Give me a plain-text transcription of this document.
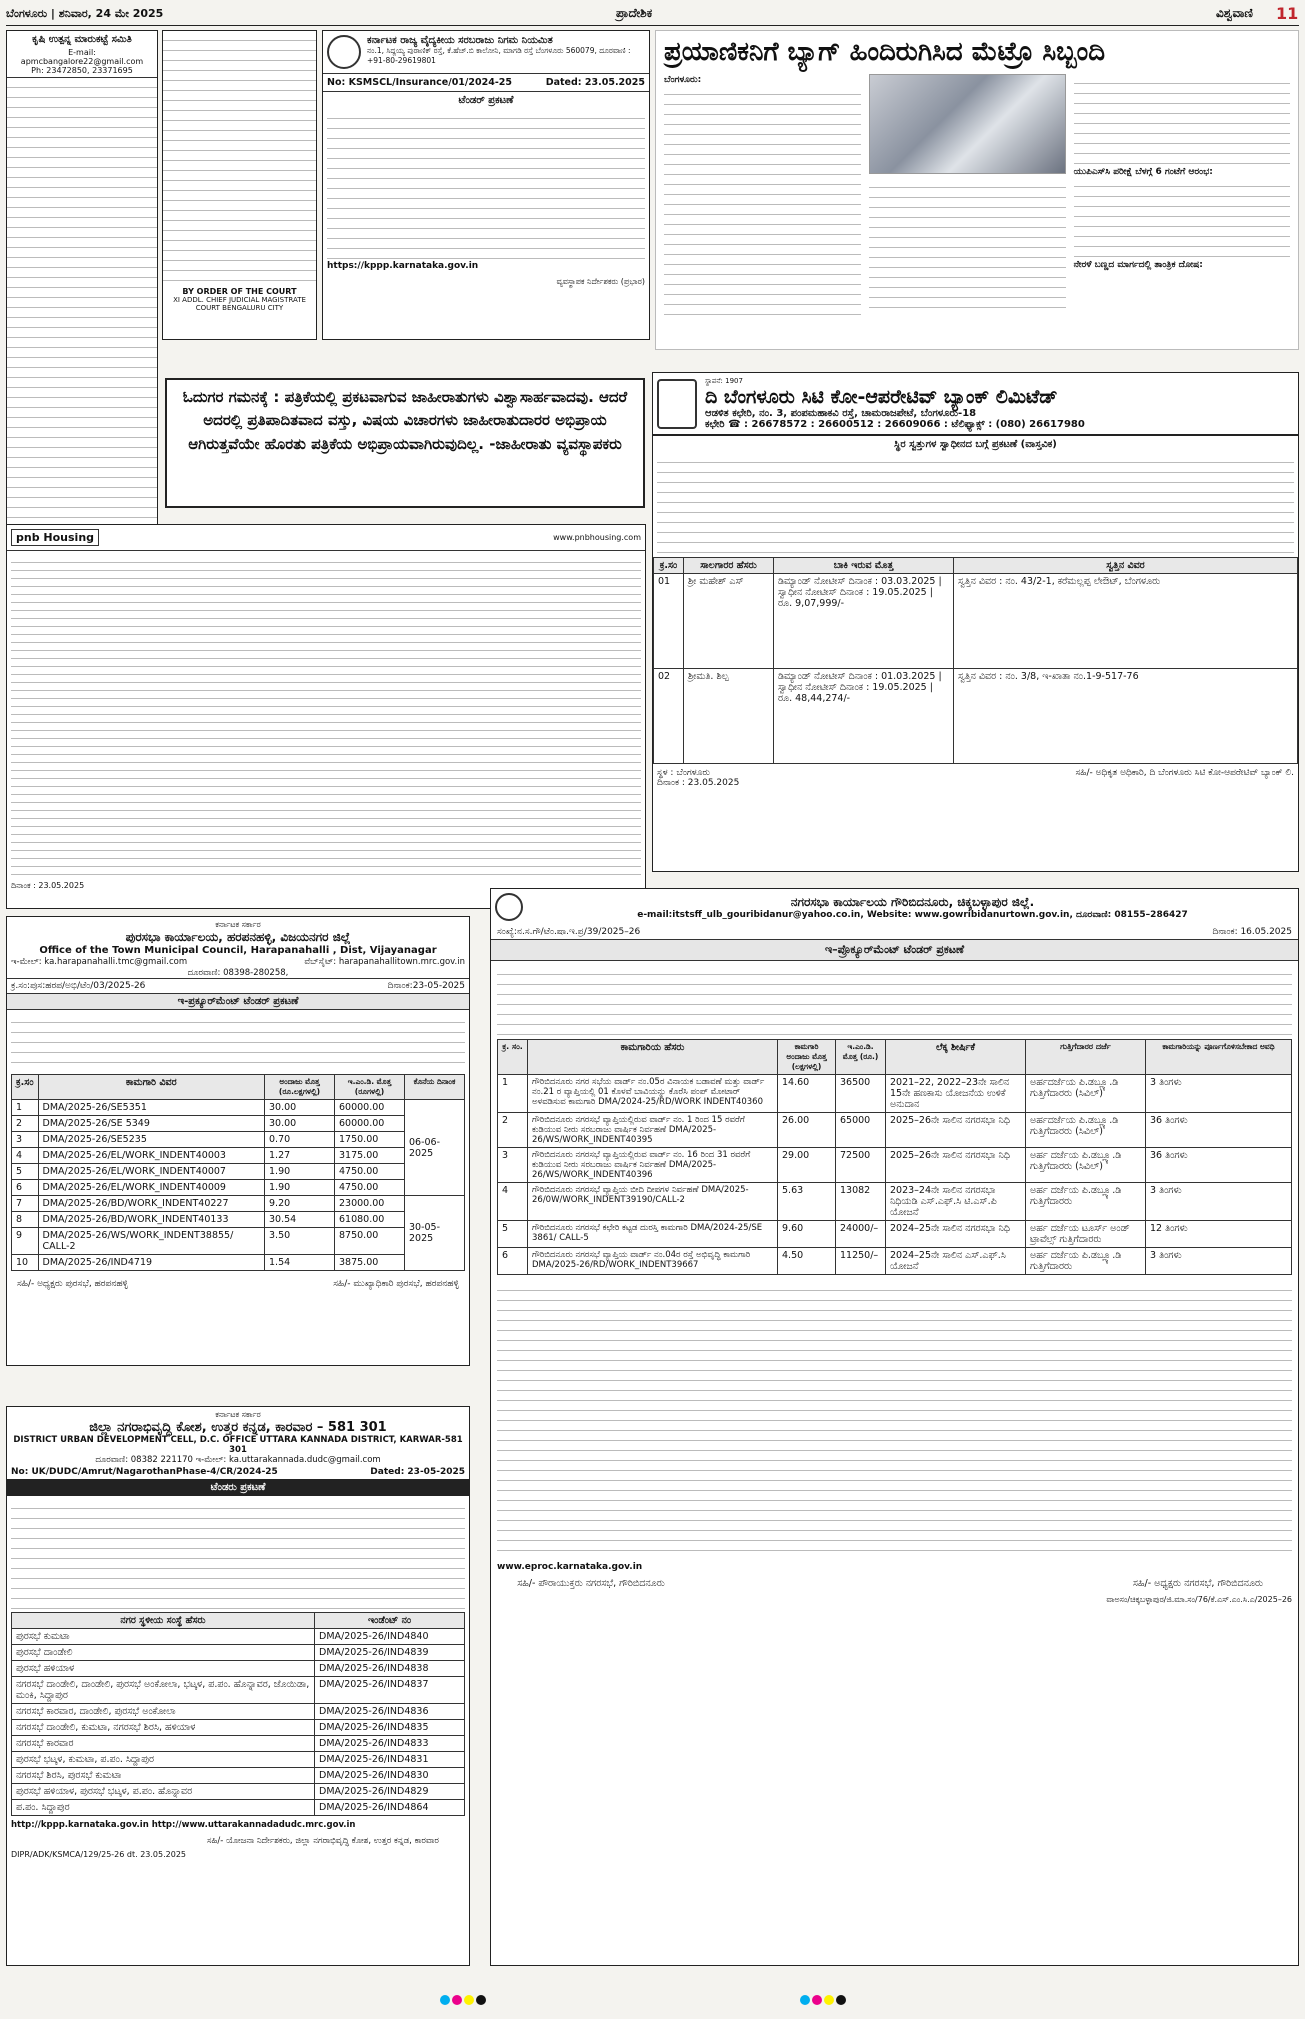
ಬೆಂಗಳೂರು | ಶನಿವಾರ, 24 ಮೇ 2025	ಪ್ರಾದೇಶಿಕ	ವಿಶ್ವವಾಣಿ 11
ಕೃಷಿ ಉತ್ಪನ್ನ ಮಾರುಕಟ್ಟೆ ಸಮಿತಿ
E-mail: apmcbangalore22@gmail.com
Ph: 23472850, 23371695
BY ORDER OF THE COURT
XI ADDL. CHIEF JUDICIAL MAGISTRATE COURT BENGALURU CITY
ಕರ್ನಾಟಕ ರಾಜ್ಯ ವೈದ್ಯಕೀಯ ಸರಬರಾಜು ನಿಗಮ ನಿಯಮಿತ
ನಂ.1, ಸಿದ್ದಯ್ಯ ಪುರಾಣಿಕ್ ರಸ್ತೆ, ಕೆ.ಹೆಚ್.ಬಿ ಕಾಲೋನಿ, ಮಾಗಡಿ ರಸ್ತೆ ಬೆಂಗಳೂರು 560079, ದೂರವಾಣಿ : +91-80-29619801
No: KSMSCL/Insurance/01/2024-25	Dated: 23.05.2025
ಟೆಂಡರ್ ಪ್ರಕಟಣೆ
https://kppp.karnataka.gov.in
ವ್ಯವಸ್ಥಾಪಕ ನಿರ್ದೇಶಕರು (ಪ್ರಭಾರ)
ಪ್ರಯಾಣಿಕನಿಗೆ ಬ್ಯಾಗ್ ಹಿಂದಿರುಗಿಸಿದ ಮೆಟ್ರೊ ಸಿಬ್ಬಂದಿ
ಬೆಂಗಳೂರು:
ಯುಪಿಎಸ್‌ಸಿ ಪರೀಕ್ಷೆ ಬೆಳಗ್ಗೆ 6 ಗಂಟೆಗೆ ಆರಂಭ:
ನೇರಳೆ ಬಣ್ಣದ ಮಾರ್ಗದಲ್ಲಿ ತಾಂತ್ರಿಕ ದೋಷ:
ಓದುಗರ ಗಮನಕ್ಕೆ : ಪತ್ರಿಕೆಯಲ್ಲಿ ಪ್ರಕಟವಾಗುವ ಜಾಹೀರಾತುಗಳು ವಿಶ್ವಾಸಾರ್ಹವಾದವು. ಆದರೆ ಅದರಲ್ಲಿ ಪ್ರತಿಪಾದಿತವಾದ ವಸ್ತು, ವಿಷಯ ವಿಚಾರಗಳು ಜಾಹೀರಾತುದಾರರ ಅಭಿಪ್ರಾಯ ಆಗಿರುತ್ತವೆಯೇ ಹೊರತು ಪತ್ರಿಕೆಯ ಅಭಿಪ್ರಾಯವಾಗಿರುವುದಿಲ್ಲ. -ಜಾಹೀರಾತು ವ್ಯವಸ್ಥಾಪಕರು
ಸ್ಥಾಪನೆ: 1907
ದಿ ಬೆಂಗಳೂರು ಸಿಟಿ ಕೋ-ಆಪರೇಟಿವ್ ಬ್ಯಾಂಕ್ ಲಿಮಿಟೆಡ್
ಆಡಳಿತ ಕಛೇರಿ, ನಂ. 3, ಪಂಪಮಹಾಕವಿ ರಸ್ತೆ, ಚಾಮರಾಜಪೇಟೆ, ಬೆಂಗಳೂರು-18
ಕಛೇರಿ ☎ : 26678572 : 26600512 : 26609066 : ಟೆಲಿಫ್ಯಾಕ್ಸ್ : (080) 26617980
ಸ್ಥಿರ ಸ್ವತ್ತುಗಳ ಸ್ವಾಧೀನದ ಬಗ್ಗೆ ಪ್ರಕಟಣೆ (ವಾಸ್ತವಿಕ)
ಕ್ರ.ಸಂ	ಸಾಲಗಾರರ ಹೆಸರು	ಬಾಕಿ ಇರುವ ಮೊತ್ತ	ಸ್ವತ್ತಿನ ವಿವರ
01	ಶ್ರೀ ಮಹೇಶ್ ಎಸ್	ಡಿಮ್ಯಾಂಡ್ ನೋಟೀಸ್ ದಿನಾಂಕ : 03.03.2025 | ಸ್ವಾಧೀನ ನೋಟೀಸ್ ದಿನಾಂಕ : 19.05.2025 | ರೂ. 9,07,999/-	ಸ್ವತ್ತಿನ ವಿವರ : ನಂ. 43/2-1, ಕರೆಮಲ್ಲಪ್ಪ ಲೇಔಟ್, ಬೆಂಗಳೂರು
02	ಶ್ರೀಮತಿ. ಶಿಲ್ಪ	ಡಿಮ್ಯಾಂಡ್ ನೋಟೀಸ್ ದಿನಾಂಕ : 01.03.2025 | ಸ್ವಾಧೀನ ನೋಟೀಸ್ ದಿನಾಂಕ : 19.05.2025 | ರೂ. 48,44,274/-	ಸ್ವತ್ತಿನ ವಿವರ : ನಂ. 3/8, ಇ-ಖಾತಾ ನಂ.1-9-517-76
ಸ್ಥಳ : ಬೆಂಗಳೂರು
ದಿನಾಂಕ : 23.05.2025
ಸಹಿ/- ಅಧಿಕೃತ ಅಧಿಕಾರಿ, ದಿ ಬೆಂಗಳೂರು ಸಿಟಿ ಕೋ-ಆಪರೇಟಿವ್ ಬ್ಯಾಂಕ್ ಲಿ.
pnb Housing	www.pnbhousing.com
ದಿನಾಂಕ : 23.05.2025
ಕರ್ನಾಟಕ ಸರ್ಕಾರ
ಪುರಸಭಾ ಕಾರ್ಯಾಲಯ, ಹರಪನಹಳ್ಳಿ, ವಿಜಯನಗರ ಜಿಲ್ಲೆ
Office of the Town Municipal Council, Harapanahalli , Dist, Vijayanagar
ಇ-ಮೇಲ್: ka.harapanahalli.tmc@gmail.com	ವೆಬ್‌ಸೈಟ್: harapanahallitown.mrc.gov.in
ದೂರವಾಣಿ: 08398-280258,
ಕ್ರ.ಸಂ:ಪುಸ:ಹರಪ/ಅಭಿ/ಟೆಂ/03/2025-26	ದಿನಾಂಕ:23-05-2025
ಇ-ಪ್ರಕ್ಯೂರ್‌ಮೆಂಟ್ ಟೆಂಡರ್ ಪ್ರಕಟಣೆ
ಕ್ರ.ಸಂ	ಕಾಮಗಾರಿ ವಿವರ	ಅಂದಾಜು ಮೊತ್ತ (ರೂ.ಲಕ್ಷಗಳಲ್ಲಿ)	ಇ.ಎಂ.ಡಿ. ಮೊತ್ತ (ರೂಗಳಲ್ಲಿ)	ಕೊನೆಯ ದಿನಾಂಕ
1	DMA/2025-26/SE5351	30.00	60000.00	06-06-2025
2	DMA/2025-26/SE 5349	30.00	60000.00	
3	DMA/2025-26/SE5235	0.70	1750.00	
4	DMA/2025-26/EL/WORK_INDENT40003	1.27	3175.00	
5	DMA/2025-26/EL/WORK_INDENT40007	1.90	4750.00	
6	DMA/2025-26/EL/WORK_INDENT40009	1.90	4750.00	
7	DMA/2025-26/BD/WORK_INDENT40227	9.20	23000.00	30-05-2025
8	DMA/2025-26/BD/WORK_INDENT40133	30.54	61080.00	
9	DMA/2025-26/WS/WORK_INDENT38855/ CALL-2	3.50	8750.00	
10	DMA/2025-26/IND4719	1.54	3875.00	
ಸಹಿ/- ಅಧ್ಯಕ್ಷರು ಪುರಸಭೆ, ಹರಪನಹಳ್ಳಿ	ಸಹಿ/- ಮುಖ್ಯಾಧಿಕಾರಿ ಪುರಸಭೆ, ಹರಪನಹಳ್ಳಿ
ಕರ್ನಾಟಕ ಸರ್ಕಾರ
ಜಿಲ್ಲಾ ನಗರಾಭಿವೃದ್ಧಿ ಕೋಶ, ಉತ್ತರ ಕನ್ನಡ, ಕಾರವಾರ – 581 301
DISTRICT URBAN DEVELOPMENT CELL, D.C. OFFICE UTTARA KANNADA DISTRICT, KARWAR-581 301
ದೂರವಾಣಿ: 08382 221170 ಇ-ಮೇಲ್: ka.uttarakannada.dudc@gmail.com
No: UK/DUDC/Amrut/NagarothanPhase-4/CR/2024-25	Dated: 23-05-2025
ಟೆಂಡರು ಪ್ರಕಟಣೆ
ನಗರ ಸ್ಥಳೀಯ ಸಂಸ್ಥೆ ಹೆಸರು	ಇಂಡೆಂಟ್ ನಂ
ಪುರಸಭೆ ಕುಮಟಾ	DMA/2025-26/IND4840
ಪುರಸಭೆ ದಾಂಡೇಲಿ	DMA/2025-26/IND4839
ಪುರಸಭೆ ಹಳಿಯಾಳ	DMA/2025-26/IND4838
ನಗರಸಭೆ ದಾಂಡೇಲಿ, ದಾಂಡೇಲಿ, ಪುರಸಭೆ ಅಂಕೋಲಾ, ಭಟ್ಕಳ, ಪ.ಪಂ. ಹೊನ್ನಾವರ, ಜೊಯಿಡಾ, ಮಂಕಿ, ಸಿದ್ದಾಪುರ	DMA/2025-26/IND4837
ನಗರಸಭೆ ಕಾರವಾರ, ದಾಂಡೇಲಿ, ಪುರಸಭೆ ಅಂಕೋಲಾ	DMA/2025-26/IND4836
ನಗರಸಭೆ ದಾಂಡೇಲಿ, ಕುಮಟಾ, ನಗರಸಭೆ ಶಿರಸಿ, ಹಳಿಯಾಳ	DMA/2025-26/IND4835
ನಗರಸಭೆ ಕಾರವಾರ	DMA/2025-26/IND4833
ಪುರಸಭೆ ಭಟ್ಕಳ, ಕುಮಟಾ, ಪ.ಪಂ. ಸಿದ್ದಾಪುರ	DMA/2025-26/IND4831
ನಗರಸಭೆ ಶಿರಸಿ, ಪುರಸಭೆ ಕುಮಟಾ	DMA/2025-26/IND4830
ಪುರಸಭೆ ಹಳಿಯಾಳ, ಪುರಸಭೆ ಭಟ್ಕಳ, ಪ.ಪಂ. ಹೊನ್ನಾವರ	DMA/2025-26/IND4829
ಪ.ಪಂ. ಸಿದ್ದಾಪುರ	DMA/2025-26/IND4864
http://kppp.karnataka.gov.in http://www.uttarakannadadudc.mrc.gov.in
ಸಹಿ/- ಯೋಜನಾ ನಿರ್ದೇಶಕರು, ಜಿಲ್ಲಾ ನಗರಾಭಿವೃದ್ಧಿ ಕೋಶ, ಉತ್ತರ ಕನ್ನಡ, ಕಾರವಾರ
DIPR/ADK/KSMCA/129/25-26 dt. 23.05.2025
ನಗರಸಭಾ ಕಾರ್ಯಾಲಯ ಗೌರಿಬಿದನೂರು, ಚಿಕ್ಕಬಳ್ಳಾಪುರ ಜಿಲ್ಲೆ.
e-mail:itstsff_ulb_gouribidanur@yahoo.co.in, Website: www.gowribidanurtown.gov.in, ದೂರವಾಣಿ: 08155–286427
ಸಂಖ್ಯೆ:ನ.ಸ.ಗೌ/ಟೆಂ.ಷಾ.ಇ.ಪ್ರ/39/2025–26	ದಿನಾಂಕ: 16.05.2025
ಇ–ಪ್ರೊಕ್ಯೂರ್‌ಮೆಂಟ್ ಟೆಂಡರ್ ಪ್ರಕಟಣೆ
ಕ್ರ. ಸಂ.	ಕಾಮಗಾರಿಯ ಹೆಸರು	ಕಾಮಗಾರಿ ಅಂದಾಜು ಮೊತ್ತ (ಲಕ್ಷಗಳಲ್ಲಿ)	ಇ.ಎಂ.ಡಿ. ಮೊತ್ತ (ರೂ.)	ಲೆಕ್ಕ ಶೀರ್ಷಿಕೆ	ಗುತ್ತಿಗೆದಾರರ ದರ್ಜೆ	ಕಾಮಗಾರಿಯನ್ನು ಪೂರ್ಣಗೊಳಿಸಬೇಕಾದ ಅವಧಿ
1	ಗೌರಿಬಿದನೂರು ನಗರ ಸಭೆಯ ವಾರ್ಡ್ ನಂ.05ರ ವಿನಾಯಕ ಬಡಾವಣೆ ಮತ್ತು ವಾರ್ಡ್ ನಂ.21 ರ ವ್ಯಾಪ್ತಿಯಲ್ಲಿ 01 ಕೊಳವೆ ಬಾವಿಯನ್ನು ಕೊರೆಸಿ ಪಂಪ್ ಮೋಟಾರ್ ಅಳವಡಿಸುವ ಕಾಮಗಾರಿ DMA/2024-25/RD/WORK INDENT40360	14.60	36500	2021–22, 2022–23ನೇ ಸಾಲಿನ 15ನೇ ಹಣಕಾಸು ಯೋಜನೆಯ ಉಳಿಕೆ ಅನುದಾನ	ಅರ್ಹದರ್ಜೆಯ ಪಿ.ಡಬ್ಲ್ಯೂ.ಡಿ ಗುತ್ತಿಗೆದಾರರು (ಸಿವಿಲ್)	3 ತಿಂಗಳು
2	ಗೌರಿಬಿದನೂರು ನಗರಸಭೆ ವ್ಯಾಪ್ತಿಯಲ್ಲಿರುವ ವಾರ್ಡ್ ನಂ. 1 ರಿಂದ 15 ರವರೆಗೆ ಕುಡಿಯುವ ನೀರು ಸರಬರಾಜು ವಾರ್ಷಿಕ ನಿರ್ವಹಣೆ DMA/2025-26/WS/WORK_INDENT40395	26.00	65000	2025–26ನೇ ಸಾಲಿನ ನಗರಸಭಾ ನಿಧಿ	ಅರ್ಹದರ್ಜೆಯ ಪಿ.ಡಬ್ಲ್ಯೂ.ಡಿ ಗುತ್ತಿಗೆದಾರರು (ಸಿವಿಲ್)	36 ತಿಂಗಳು
3	ಗೌರಿಬಿದನೂರು ನಗರಸಭೆ ವ್ಯಾಪ್ತಿಯಲ್ಲಿರುವ ವಾರ್ಡ್ ನಂ. 16 ರಿಂದ 31 ರವರೆಗೆ ಕುಡಿಯುವ ನೀರು ಸರಬರಾಜು ವಾರ್ಷಿಕ ನಿರ್ವಹಣೆ DMA/2025-26/WS/WORK_INDENT40396	29.00	72500	2025–26ನೇ ಸಾಲಿನ ನಗರಸಭಾ ನಿಧಿ	ಅರ್ಹ ದರ್ಜೆಯ ಪಿ.ಡಬ್ಲ್ಯೂ.ಡಿ ಗುತ್ತಿಗೆದಾರರು (ಸಿವಿಲ್)	36 ತಿಂಗಳು
4	ಗೌರಿಬಿದನೂರು ನಗರಸಭೆ ವ್ಯಾಪ್ತಿಯ ಬೀದಿ ದೀಪಗಳ ನಿರ್ವಹಣೆ DMA/2025-26/0W/WORK_INDENT39190/CALL-2	5.63	13082	2023–24ನೇ ಸಾಲಿನ ನಗರಸಭಾ ನಿಧಿಯಡಿ ಎಸ್.ಎಫ್.ಸಿ ಟಿ.ಎಸ್.ಪಿ ಯೋಜನೆ	ಅರ್ಹ ದರ್ಜೆಯ ಪಿ.ಡಬ್ಲ್ಯೂ.ಡಿ ಗುತ್ತಿಗೆದಾರರು	3 ತಿಂಗಳು
5	ಗೌರಿಬಿದನೂರು ನಗರಸಭೆ ಕಛೇರಿ ಕಟ್ಟಡ ದುರಸ್ತಿ ಕಾಮಗಾರಿ DMA/2024-25/SE 3861/ CALL-5	9.60	24000/–	2024–25ನೇ ಸಾಲಿನ ನಗರಸಭಾ ನಿಧಿ	ಅರ್ಹ ದರ್ಜೆಯ ಟೂರ್ಸ್ ಅಂಡ್ ಟ್ರಾವೆಲ್ಸ್ ಗುತ್ತಿಗೆದಾರರು	12 ತಿಂಗಳು
6	ಗೌರಿಬಿದನೂರು ನಗರಸಭೆ ವ್ಯಾಪ್ತಿಯ ವಾರ್ಡ್ ನಂ.04ರ ರಸ್ತೆ ಅಭಿವೃದ್ಧಿ ಕಾಮಗಾರಿ DMA/2025-26/RD/WORK_INDENT39667	4.50	11250/–	2024–25ನೇ ಸಾಲಿನ ಎಸ್.ಎಫ್.ಸಿ ಯೋಜನೆ	ಅರ್ಹ ದರ್ಜೆಯ ಪಿ.ಡಬ್ಲ್ಯೂ.ಡಿ ಗುತ್ತಿಗೆದಾರರು	3 ತಿಂಗಳು
www.eproc.karnataka.gov.in
ಸಹಿ/- ಪೌರಾಯುಕ್ತರು ನಗರಸಭೆ, ಗೌರಿಬಿದನೂರು	ಸಹಿ/- ಅಧ್ಯಕ್ಷರು ನಗರಸಭೆ, ಗೌರಿಬಿದನೂರು
ವಾಅಸಂ/ಚಿಕ್ಕಬಳ್ಳಾಪುರ/ಜಿ.ಮಾ.ಸಂ/76/ಕೆ.ಎಸ್.ಎಂ.ಸಿ.ಎ/2025–26
